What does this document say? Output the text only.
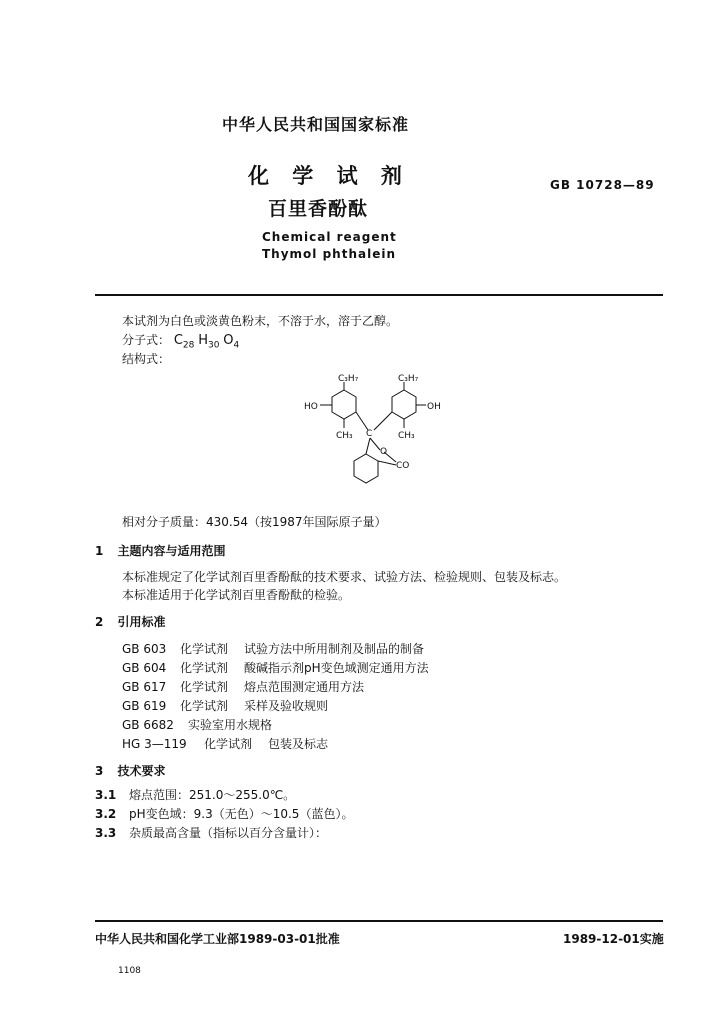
中华人民共和国国家标准
化 学 试 剂	GB 10728—89
百里香酚酞
Chemical reagent
Thymol phthalein
本试剂为白色或淡黄色粉末，不溶于水，溶于乙醇。
分子式： $C_{28}$ $H_{30}$ $O_4$
结构式：
C₃H₇	C₃H₇
HO	OH
CH₃	CH₃
C
O
CO
相对分子质量：430.54（按1987年国际原子量）
1 主题内容与适用范围
本标准规定了化学试剂百里香酚酞的技术要求、试验方法、检验规则、包装及标志。
本标准适用于化学试剂百里香酚酞的检验。
2 引用标准
GB 603 化学试剂 试验方法中所用制剂及制品的制备
GB 604 化学试剂 酸碱指示剂pH变色域测定通用方法
GB 617 化学试剂 熔点范围测定通用方法
GB 619 化学试剂 采样及验收规则
GB 6682 实验室用水规格
HG 3—119 化学试剂 包装及标志
3 技术要求
3.1 熔点范围：251.0～255.0℃。
3.2 pH变色域：9.3（无色）～10.5（蓝色）。
3.3 杂质最高含量（指标以百分含量计）：
中华人民共和国化学工业部1989-03-01批准	1989-12-01实施
1108
